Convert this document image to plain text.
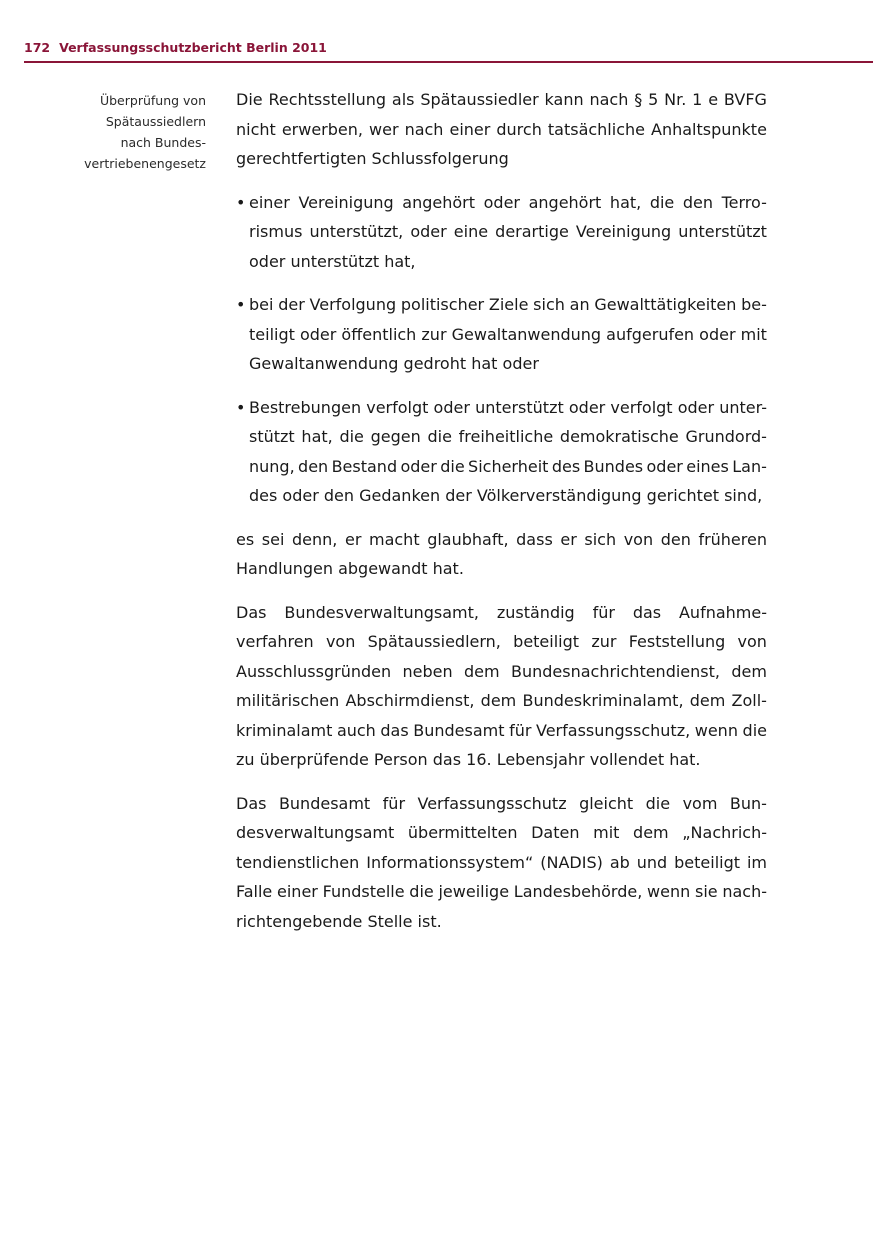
172 Verfassungsschutzbericht Berlin 2011
Überprüfung von
Spätaussiedlern
nach Bundes-
vertriebenengesetz
Die Rechtsstellung als Spätaussiedler kann nach § 5 Nr. 1 e BVFG
nicht erwerben, wer nach einer durch tatsächliche Anhaltspunkte
gerechtfertigten Schlussfolgerung
• einer Vereinigung angehört oder angehört hat, die den Terro-
rismus unterstützt, oder eine derartige Vereinigung unterstützt
oder unterstützt hat,
• bei der Verfolgung politischer Ziele sich an Gewalttätigkeiten be-
teiligt oder öffentlich zur Gewaltanwendung aufgerufen oder mit
Gewaltanwendung gedroht hat oder
• Bestrebungen verfolgt oder unterstützt oder verfolgt oder unter-
stützt hat, die gegen die freiheitliche demokratische Grundord-
nung, den Bestand oder die Sicherheit des Bundes oder eines Lan-
des oder den Gedanken der Völkerverständigung gerichtet sind,
es sei denn, er macht glaubhaft, dass er sich von den früheren
Handlungen abgewandt hat.
Das Bundesverwaltungsamt, zuständig für das Aufnahme-
verfahren von Spätaussiedlern, beteiligt zur Feststellung von
Ausschlussgründen neben dem Bundesnachrichtendienst, dem
militärischen Abschirmdienst, dem Bundeskriminalamt, dem Zoll-
kriminalamt auch das Bundesamt für Verfassungsschutz, wenn die
zu überprüfende Person das 16. Lebensjahr vollendet hat.
Das Bundesamt für Verfassungsschutz gleicht die vom Bun-
desverwaltungsamt übermittelten Daten mit dem „Nachrich-
tendienstlichen Informationssystem“ (NADIS) ab und beteiligt im
Falle einer Fundstelle die jeweilige Landesbehörde, wenn sie nach-
richtengebende Stelle ist.
